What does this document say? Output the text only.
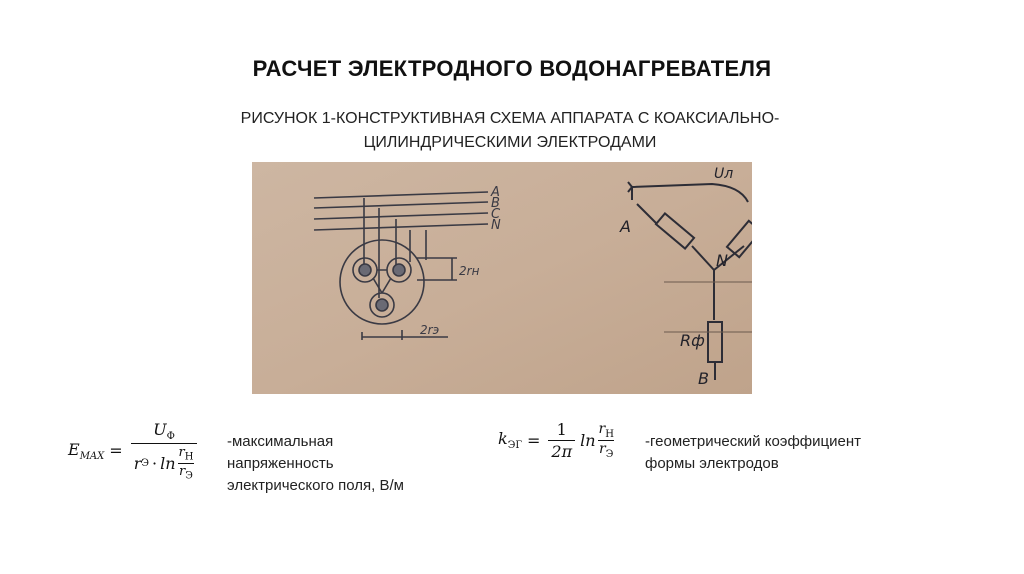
РАСЧЕТ ЭЛЕКТРОДНОГО ВОДОНАГРЕВАТЕЛЯ
РИСУНОК 1-КОНСТРУКТИВНАЯ СХЕМА АППАРАТА С КОАКСИАЛЬНО-
ЦИЛИНДРИЧЕСКИМИ ЭЛЕКТРОДАМИ
A
B
C
N
2rн
2rэ
Uл
A
N
Rф
B
$E_{MAX} = \frac{U_Ф}{r Э \cdot \ln \frac{r_Н}{r_Э}}$ -максимальная
напряженность
электрического поля, В/м
$k_{ЭГ} = \frac{1}{2\pi}$ $\ln \frac{r_Н}{r_Э}$ -геометрический коэффициент
формы электродов
